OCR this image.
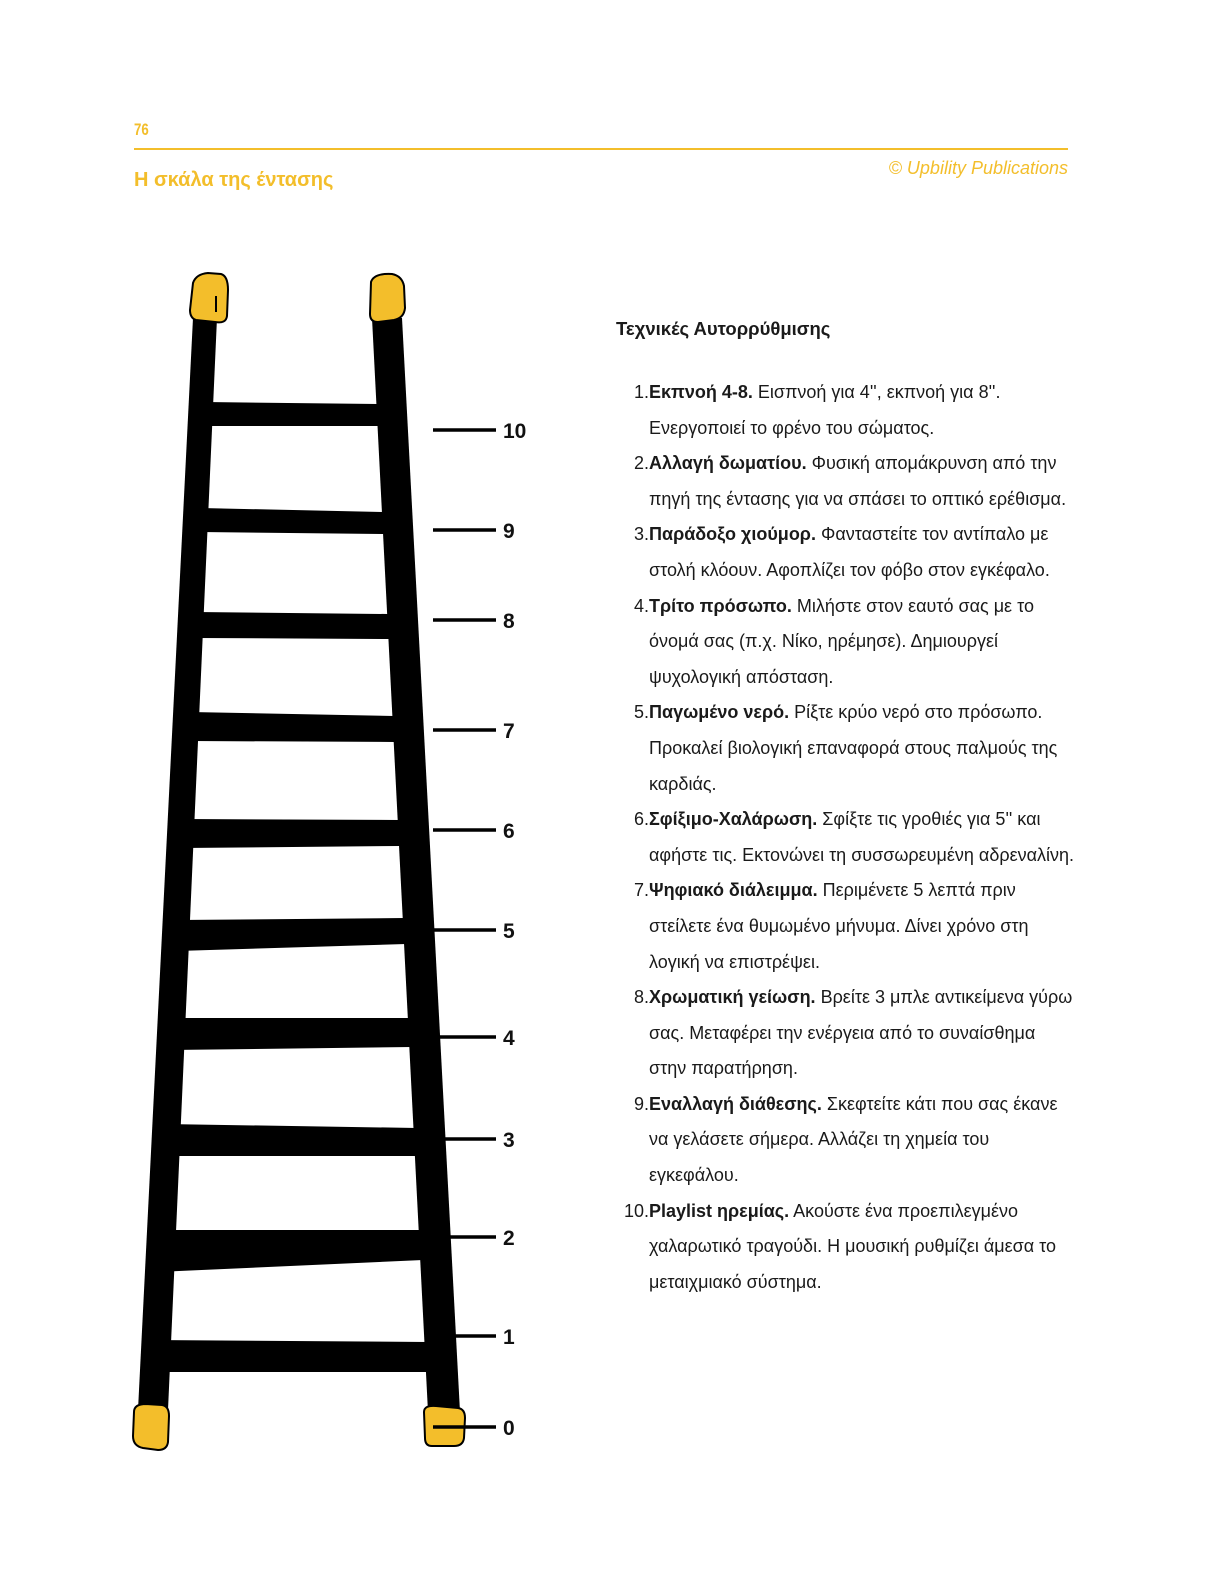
76
© Upbility Publications
Η σκάλα της έντασης
10
9
8
7
6
5
4
3
2
1
0
Τεχνικές Αυτορρύθμισης
1. Εκπνοή 4-8. Εισπνοή για 4'', εκπνοή για 8''. Ενεργοποιεί το φρένο του σώματος.
2. Αλλαγή δωματίου. Φυσική απομάκρυνση από την πηγή της έντασης για να σπάσει το οπτικό ερέθισμα.
3. Παράδοξο χιούμορ. Φανταστείτε τον αντίπαλο με στολή κλόουν. Αφοπλίζει τον φόβο στον εγκέφαλο.
4. Τρίτο πρόσωπο. Μιλήστε στον εαυτό σας με το όνομά σας (π.χ. Νίκο, ηρέμησε). Δημιουργεί ψυχολογική απόσταση.
5. Παγωμένο νερό. Ρίξτε κρύο νερό στο πρόσωπο. Προκαλεί βιολογική επαναφορά στους παλμούς της καρδιάς.
6. Σφίξιμο-Χαλάρωση. Σφίξτε τις γροθιές για 5'' και αφήστε τις. Εκτονώνει τη συσσωρευμένη αδρεναλίνη.
7. Ψηφιακό διάλειμμα. Περιμένετε 5 λεπτά πριν στείλετε ένα θυμωμένο μήνυμα. Δίνει χρόνο στη λογική να επιστρέψει.
8. Χρωματική γείωση. Βρείτε 3 μπλε αντικείμενα γύρω σας. Μεταφέρει την ενέργεια από το συναίσθημα στην παρατήρηση.
9. Εναλλαγή διάθεσης. Σκεφτείτε κάτι που σας έκανε να γελάσετε σήμερα. Αλλάζει τη χημεία του εγκεφάλου.
10. Playlist ηρεμίας. Ακούστε ένα προεπιλεγμένο χαλαρωτικό τραγούδι. Η μουσική ρυθμίζει άμεσα το μεταιχμιακό σύστημα.
